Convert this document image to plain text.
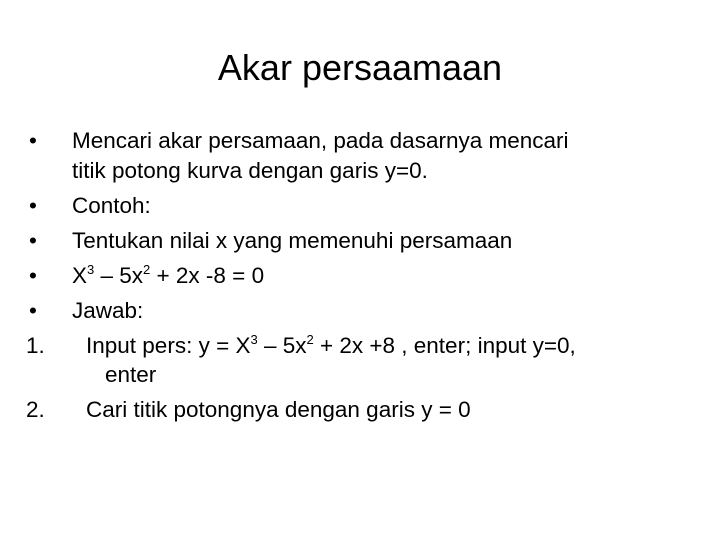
Akar persaamaan
• Mencari akar persamaan, pada dasarnya mencari
titik potong kurva dengan garis y=0.
• Contoh:
• Tentukan nilai x yang memenuhi persamaan
• $X^3 - 5x^2 + 2x$ -8 = 0
• Jawab:
1.	Input pers: $y = X^3 - 5x^2 + 2x +8$ , enter; input y=0,
enter
2.	Cari titik potongnya dengan garis y = 0
